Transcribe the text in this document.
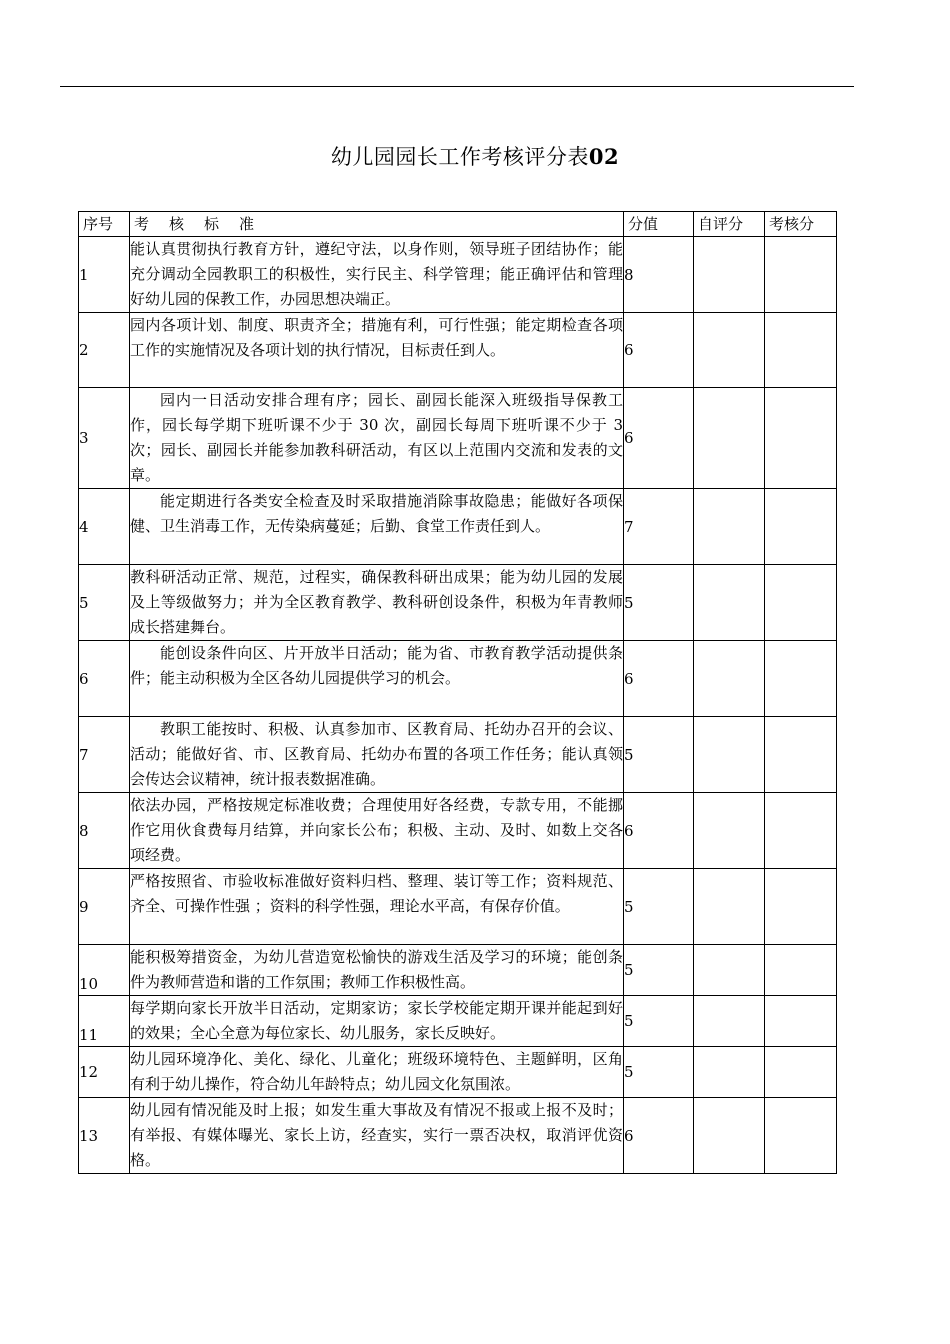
幼儿园园长工作考核评分表02
序号	考核标准	分值	自评分	考核分
1	能认真贯彻执行教育方针，遵纪守法，以身作则，领导班子团结协作；能充分调动全园教职工的积极性，实行民主、科学管理；能正确评估和管理好幼儿园的保教工作，办园思想决端正。	8		
2	园内各项计划、制度、职责齐全；措施有利，可行性强；能定期检查各项工作的实施情况及各项计划的执行情况，目标责任到人。	6		
3	园内一日活动安排合理有序；园长、副园长能深入班级指导保教工作，园长每学期下班听课不少于 30 次，副园长每周下班听课不少于 3 次；园长、副园长并能参加教科研活动，有区以上范围内交流和发表的文章。	6		
4	能定期进行各类安全检查及时采取措施消除事故隐患；能做好各项保健、卫生消毒工作，无传染病蔓延；后勤、食堂工作责任到人。	7		
5	教科研活动正常、规范，过程实，确保教科研出成果；能为幼儿园的发展及上等级做努力；并为全区教育教学、教科研创设条件，积极为年青教师成长搭建舞台。	5		
6	能创设条件向区、片开放半日活动；能为省、市教育教学活动提供条件；能主动积极为全区各幼儿园提供学习的机会。	6		
7	教职工能按时、积极、认真参加市、区教育局、托幼办召开的会议、活动；能做好省、市、区教育局、托幼办布置的各项工作任务；能认真领会传达会议精神，统计报表数据准确。	5		
8	依法办园，严格按规定标准收费；合理使用好各经费，专款专用，不能挪作它用伙食费每月结算，并向家长公布；积极、主动、及时、如数上交各项经费。	6		
9	严格按照省、市验收标准做好资料归档、整理、装订等工作；资料规范、齐全、可操作性强 ；资料的科学性强，理论水平高，有保存价值。	5		
10	能积极筹措资金，为幼儿营造宽松愉快的游戏生活及学习的环境；能创条件为教师营造和谐的工作氛围；教师工作积极性高。	5		
11	每学期向家长开放半日活动，定期家访；家长学校能定期开课并能起到好的效果；全心全意为每位家长、幼儿服务，家长反映好。	5		
12	幼儿园环境净化、美化、绿化、儿童化；班级环境特色、主题鲜明，区角有利于幼儿操作，符合幼儿年龄特点；幼儿园文化氛围浓。	5		
13	幼儿园有情况能及时上报；如发生重大事故及有情况不报或上报不及时；有举报、有媒体曝光、家长上访，经查实，实行一票否决权，取消评优资格。	6		
